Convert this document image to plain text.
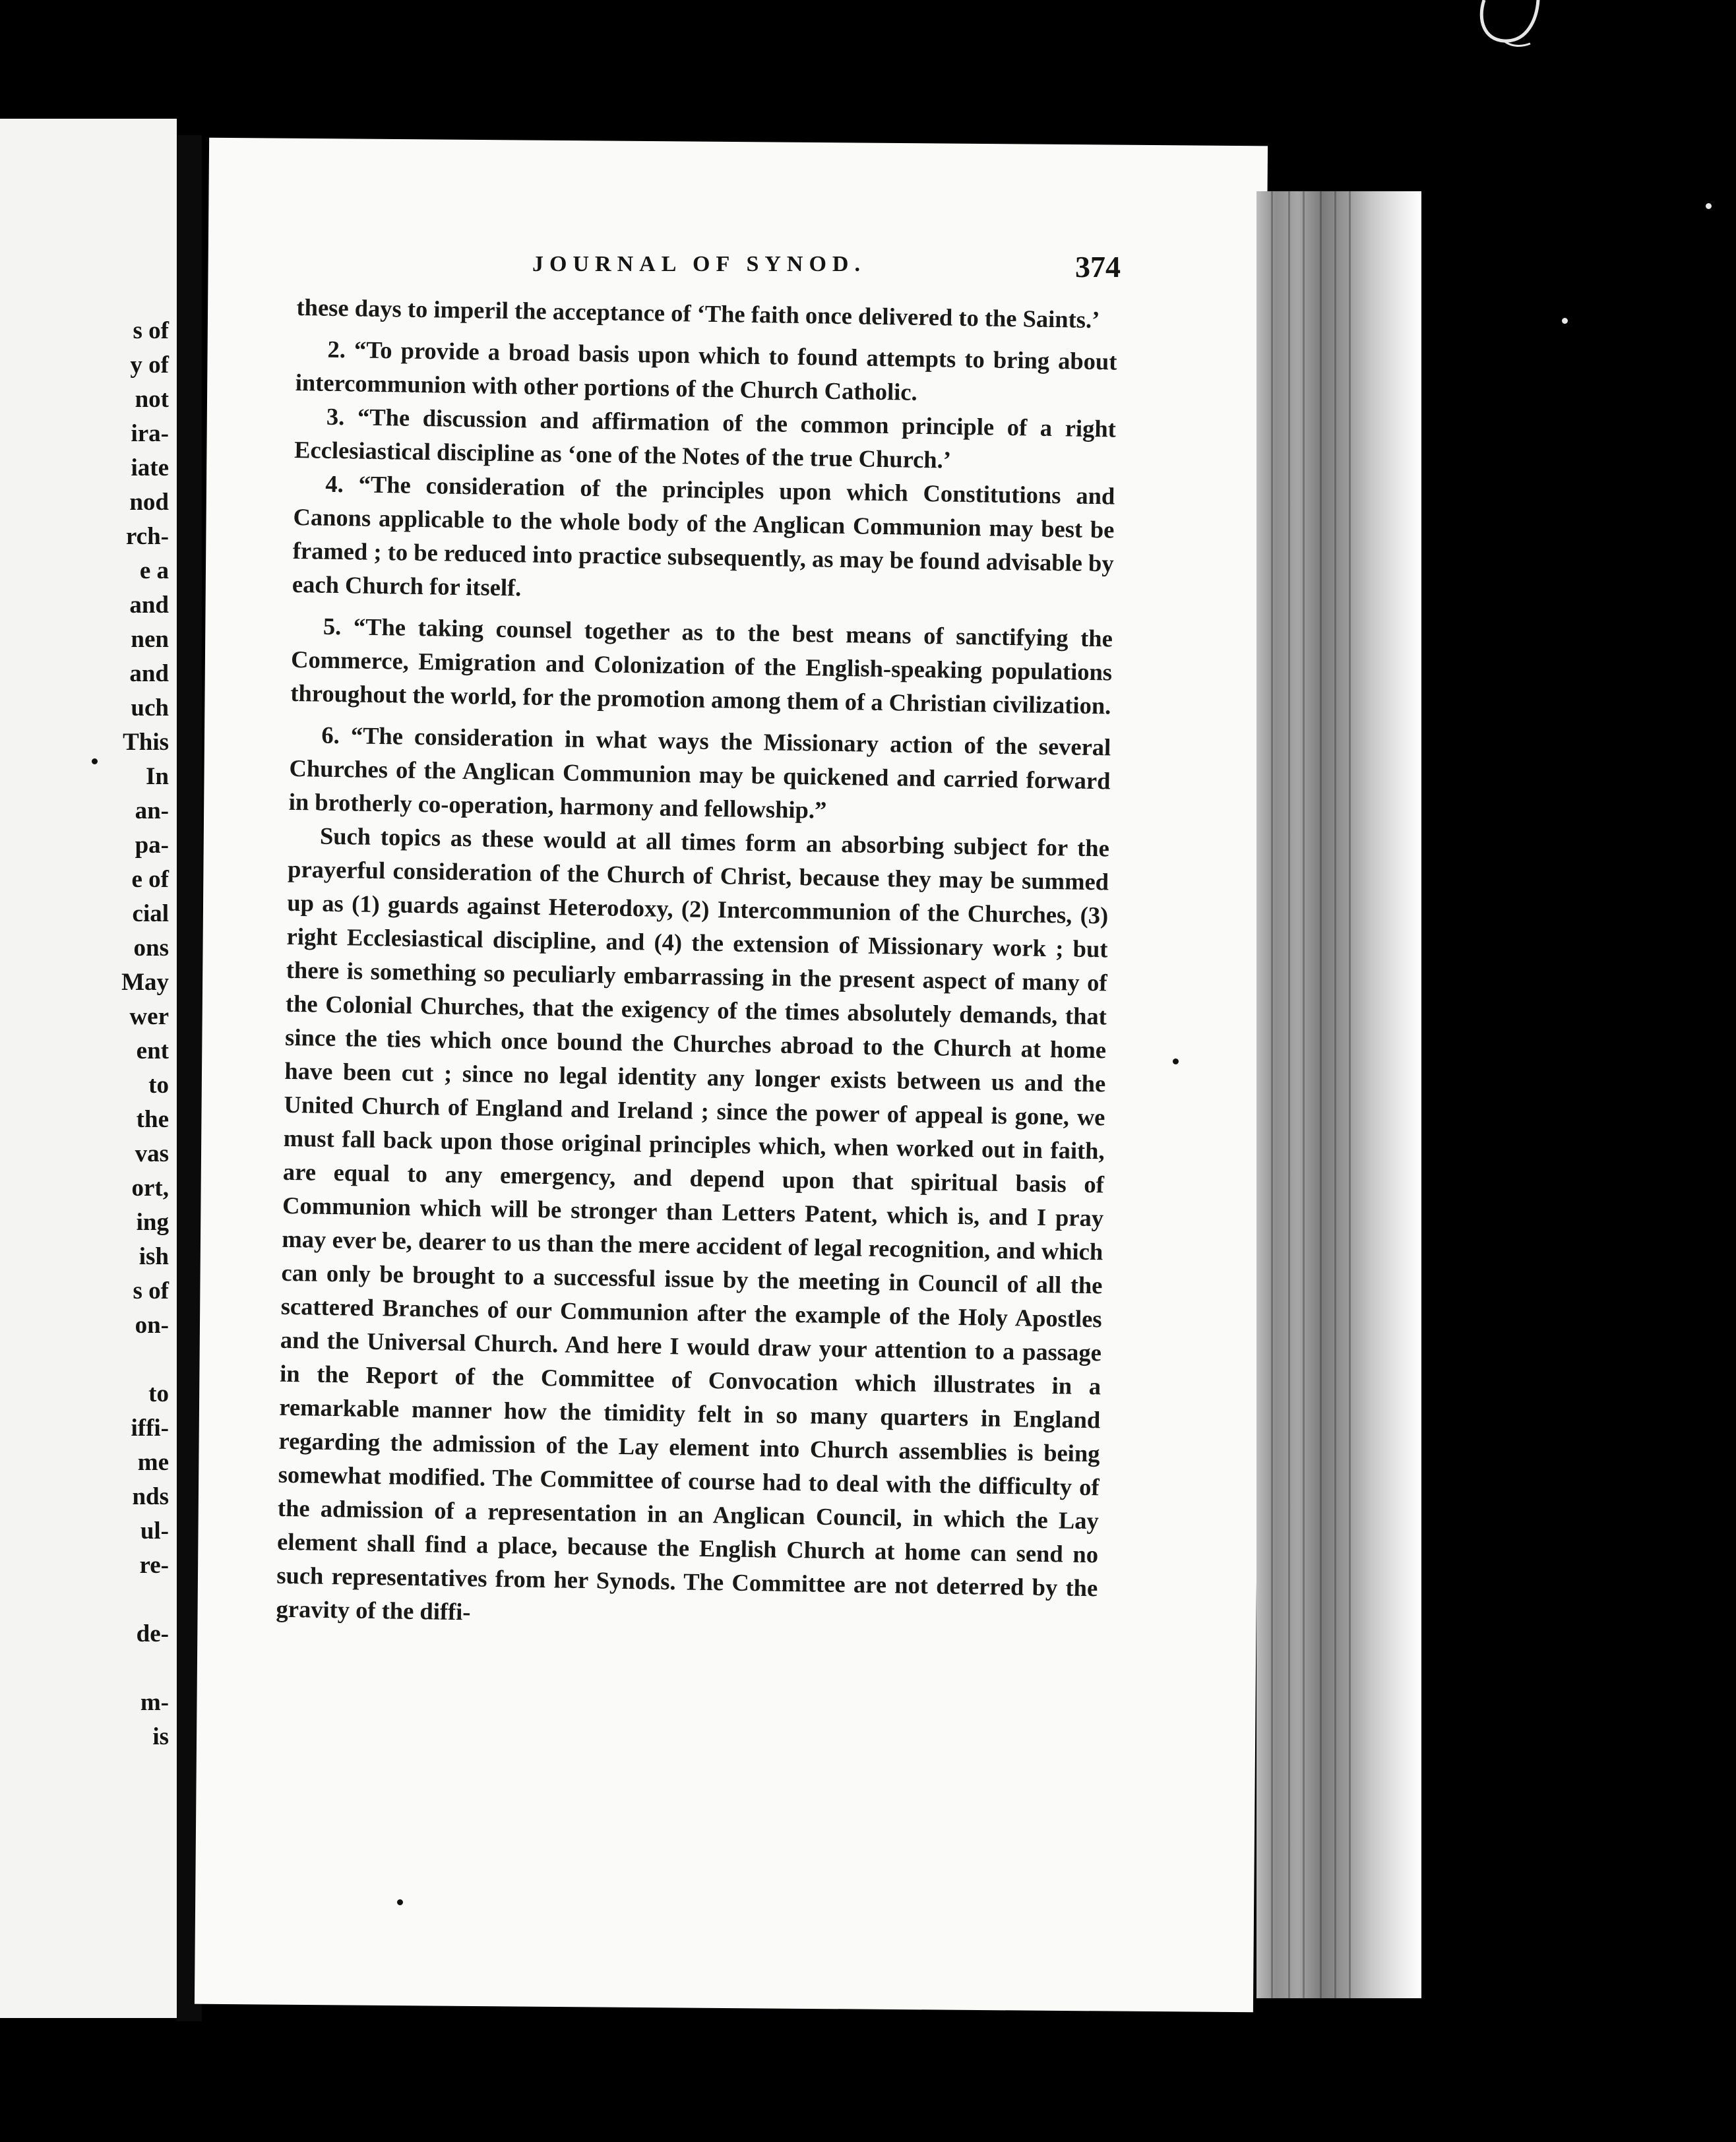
s of
y of
not
ira-
iate
nod
rch-
e a
and
nen
and
uch
This
In
an-
pa-
e of
cial
ons
May
wer
ent
to
the
vas
ort,
ing
ish
s of
on-
to
iffi-
me
nds
ul-
re-
de-
m-
is
JOURNAL OF SYNOD.	374

these days to imperil the acceptance of ‘The faith once delivered to the Saints.’

2. “To provide a broad basis upon which to found attempts to bring about intercommunion with other portions of the Church Catholic.

3. “The discussion and affirmation of the common principle of a right Ecclesiastical discipline as ‘one of the Notes of the true Church.’

4. “The consideration of the principles upon which Constitutions and Canons applicable to the whole body of the Anglican Communion may best be framed ; to be reduced into practice subsequently, as may be found advisable by each Church for itself.

5. “The taking counsel together as to the best means of sanctifying the Commerce, Emigration and Colonization of the English-speaking populations throughout the world, for the promotion among them of a Christian civilization.

6. “The consideration in what ways the Missionary action of the several Churches of the Anglican Communion may be quickened and carried forward in brotherly co-operation, harmony and fellowship.”

Such topics as these would at all times form an absorbing subject for the prayerful consideration of the Church of Christ, because they may be summed up as (1) guards against Heterodoxy, (2) Intercommunion of the Churches, (3) right Ecclesiastical discipline, and (4) the extension of Missionary work ; but there is something so peculiarly embarrassing in the present aspect of many of the Colonial Churches, that the exigency of the times absolutely demands, that since the ties which once bound the Churches abroad to the Church at home have been cut ; since no legal identity any longer exists between us and the United Church of England and Ireland ; since the power of appeal is gone, we must fall back upon those original principles which, when worked out in faith, are equal to any emergency, and depend upon that spiritual basis of Communion which will be stronger than Letters Patent, which is, and I pray may ever be, dearer to us than the mere accident of legal recognition, and which can only be brought to a successful issue by the meeting in Council of all the scattered Branches of our Communion after the example of the Holy Apostles and the Universal Church. And here I would draw your attention to a passage in the Report of the Committee of Convocation which illustrates in a remarkable manner how the timidity felt in so many quarters in England regarding the admission of the Lay element into Church assemblies is being somewhat modified. The Committee of course had to deal with the difficulty of the admission of a representation in an Anglican Council, in which the Lay element shall find a place, because the English Church at home can send no such representatives from her Synods. The Committee are not deterred by the gravity of the diffi-
